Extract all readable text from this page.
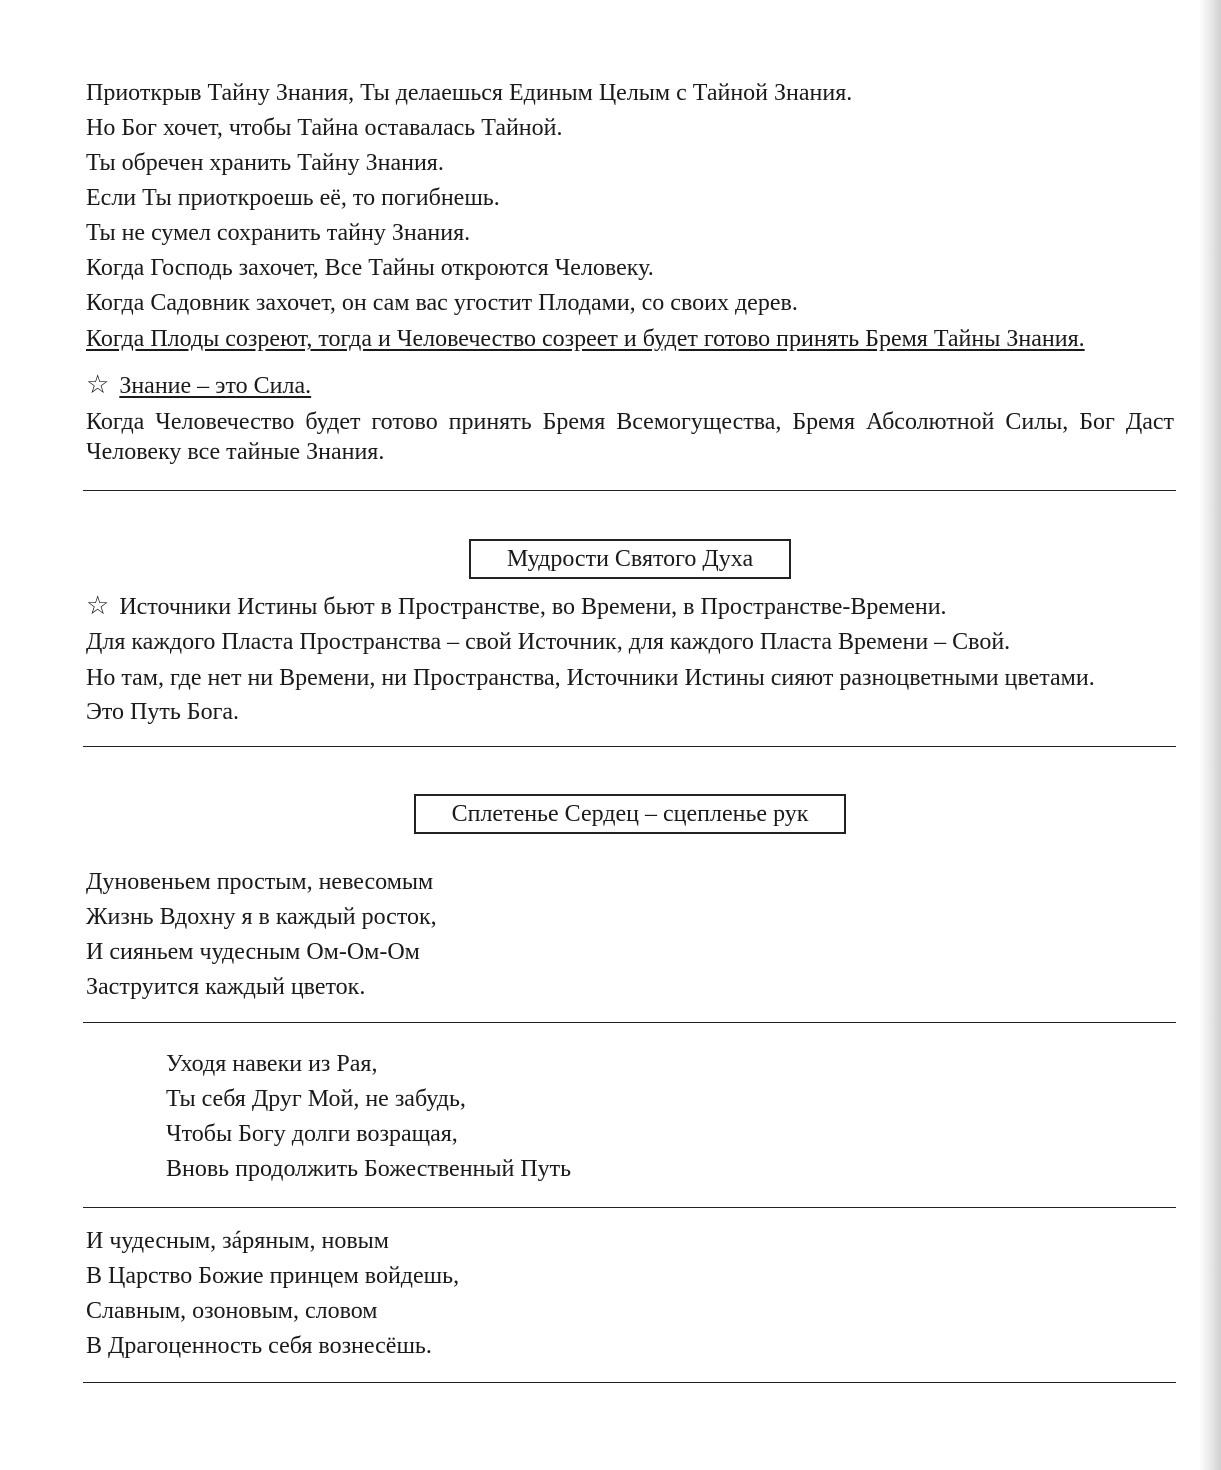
Приоткрыв Тайну Знания, Ты делаешься Единым Целым с Тайной Знания.

Но Бог хочет, чтобы Тайна оставалась Тайной.

Ты обречен хранить Тайну Знания.

Если Ты приоткроешь её, то погибнешь.

Ты не сумел сохранить тайну Знания.

Когда Господь захочет, Все Тайны откроются Человеку.

Когда Садовник захочет, он сам вас угостит Плодами, со своих дерев.

Когда Плоды созреют, тогда и Человечество созреет и будет готово принять Бремя Тайны Знания.

☆ Знание – это Сила.

Когда Человечество будет готово принять Бремя Всемогущества, Бремя Абсолютной Силы, Бог Даст Человеку все тайные Знания.

Мудрости Святого Духа

☆ Источники Истины бьют в Пространстве, во Времени, в Пространстве-Времени.

Для каждого Пласта Пространства – свой Источник, для каждого Пласта Времени – Свой.

Но там, где нет ни Времени, ни Пространства, Источники Истины сияют разноцветными цветами.

Это Путь Бога.

Сплетенье Сердец – сцепленье рук

Дуновеньем простым, невесомым

Жизнь Вдохну я в каждый росток,

И сияньем чудесным Ом-Ом-Ом

Заструится каждый цветок.

Уходя навеки из Рая,

Ты себя Друг Мой, не забудь,

Чтобы Богу долги возращая,

Вновь продолжить Божественный Путь

И чудесным, зáряным, новым

В Царство Божие принцем войдешь,

Славным, озоновым, словом

В Драгоценность себя вознесёшь.
